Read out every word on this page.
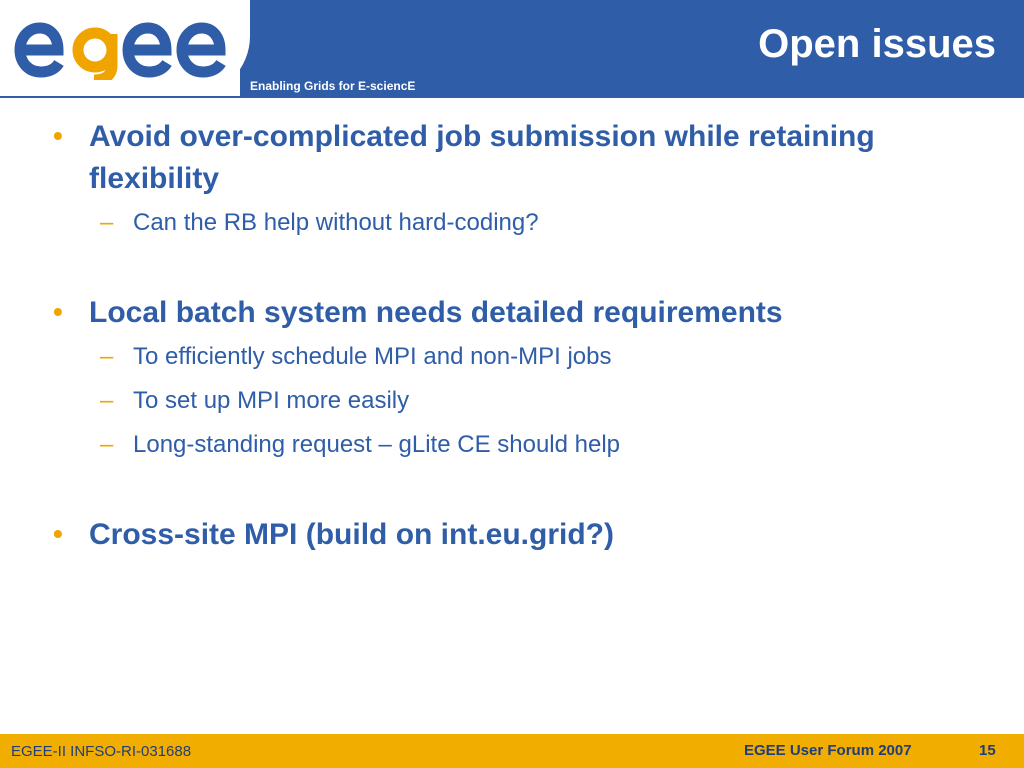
Enabling Grids for E-sciencE
Open issues
• Avoid over-complicated job submission while retaining flexibility
– Can the RB help without hard-coding?
• Local batch system needs detailed requirements
– To efficiently schedule MPI and non-MPI jobs
– To set up MPI more easily
– Long-standing request – gLite CE should help
• Cross-site MPI (build on int.eu.grid?)
EGEE-II INFSO-RI-031688	EGEE User Forum 2007	15
